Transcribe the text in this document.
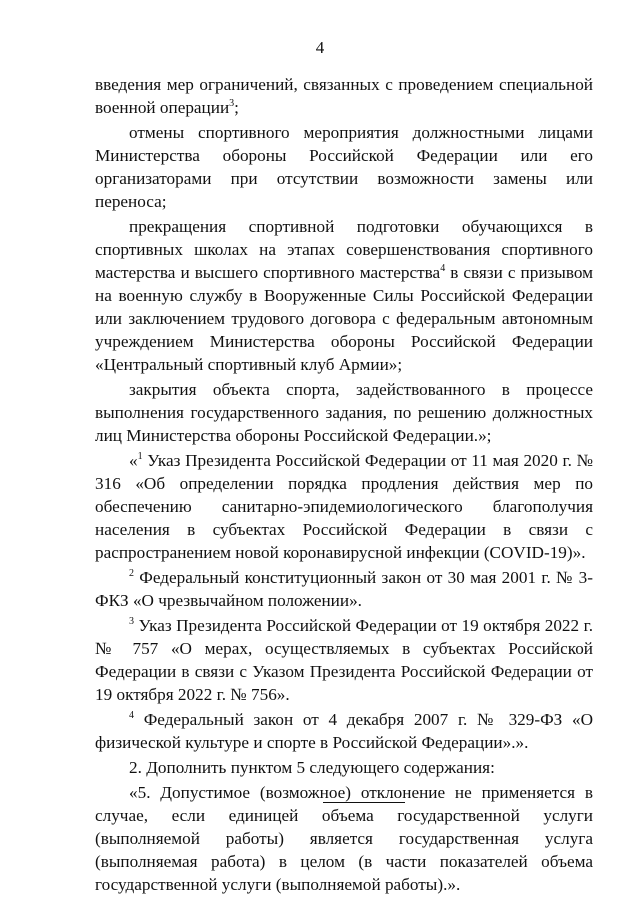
4

введения мер ограничений, связанных с проведением специальной военной операции$^3$;

отмены спортивного мероприятия должностными лицами Министерства обороны Российской Федерации или его организаторами при отсутствии возможности замены или переноса;

прекращения спортивной подготовки обучающихся в спортивных школах на этапах совершенствования спортивного мастерства и высшего спортивного мастерства$^4$ в связи с призывом на военную службу в Вооруженные Силы Российской Федерации или заключением трудового договора с федеральным автономным учреждением Министерства обороны Российской Федерации «Центральный спортивный клуб Армии»;

закрытия объекта спорта, задействованного в процессе выполнения государственного задания, по решению должностных лиц Министерства обороны Российской Федерации.»;

«$^1$ Указ Президента Российской Федерации от 11 мая 2020 г. № 316 «Об определении порядка продления действия мер по обеспечению санитарно-эпидемиологического благополучия населения в субъектах Российской Федерации в связи с распространением новой коронавирусной инфекции (COVID-19)».

$^2$ Федеральный конституционный закон от 30 мая 2001 г. № 3-ФКЗ «О чрезвычайном положении».

$^3$ Указ Президента Российской Федерации от 19 октября 2022 г. № 757 «О мерах, осуществляемых в субъектах Российской Федерации в связи с Указом Президента Российской Федерации от 19 октября 2022 г. № 756».

$^4$ Федеральный закон от 4 декабря 2007 г. № 329-ФЗ «О физической культуре и спорте в Российской Федерации».».

2. Дополнить пунктом 5 следующего содержания:

«5. Допустимое (возможное) отклонение не применяется в случае, если единицей объема государственной услуги (выполняемой работы) является государственная услуга (выполняемая работа) в целом (в части показателей объема государственной услуги (выполняемой работы).».
